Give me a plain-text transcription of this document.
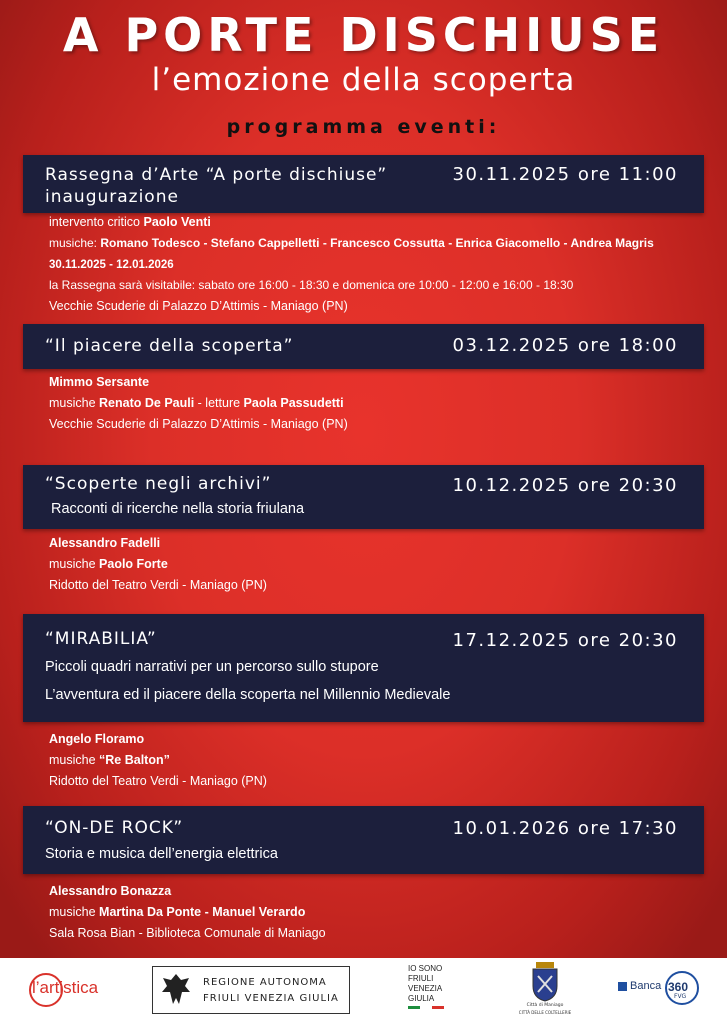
A PORTE DISCHIUSE
l’emozione della scoperta
programma eventi:
Rassegna d’Arte “A porte dischiuse”
inaugurazione
30.11.2025 ore 11:00
intervento critico Paolo Venti
musiche: Romano Todesco - Stefano Cappelletti - Francesco Cossutta - Enrica Giacomello - Andrea Magris
30.11.2025 - 12.01.2026
la Rassegna sarà visitabile: sabato ore 16:00 - 18:30 e domenica ore 10:00 - 12:00 e 16:00 - 18:30
Vecchie Scuderie di Palazzo D’Attimis - Maniago (PN)
“Il piacere della scoperta”	03.12.2025 ore 18:00
Mimmo Sersante
musiche Renato De Pauli - letture Paola Passudetti
Vecchie Scuderie di Palazzo D’Attimis - Maniago (PN)
“Scoperte negli archivi”
Racconti di ricerche nella storia friulana
10.12.2025 ore 20:30
Alessandro Fadelli
musiche Paolo Forte
Ridotto del Teatro Verdi - Maniago (PN)
“MIRABILIA”
Piccoli quadri narrativi per un percorso sullo stupore
L’avventura ed il piacere della scoperta nel Millennio Medievale
17.12.2025 ore 20:30
Angelo Floramo
musiche “Re Balton”
Ridotto del Teatro Verdi - Maniago (PN)
“ON-DE ROCK”
Storia e musica dell’energia elettrica
10.01.2026 ore 17:30
Alessandro Bonazza
musiche Martina Da Ponte - Manuel Verardo
Sala Rosa Bian - Biblioteca Comunale di Maniago
l’artistica	REGIONE AUTONOMA
FRIULI VENEZIA GIULIA
IO SONO
FRIULI
VENEZIA
GIULIA
Città di Maniago
CITTÀ DELLE COLTELLERIE
Banca 360
FVG
